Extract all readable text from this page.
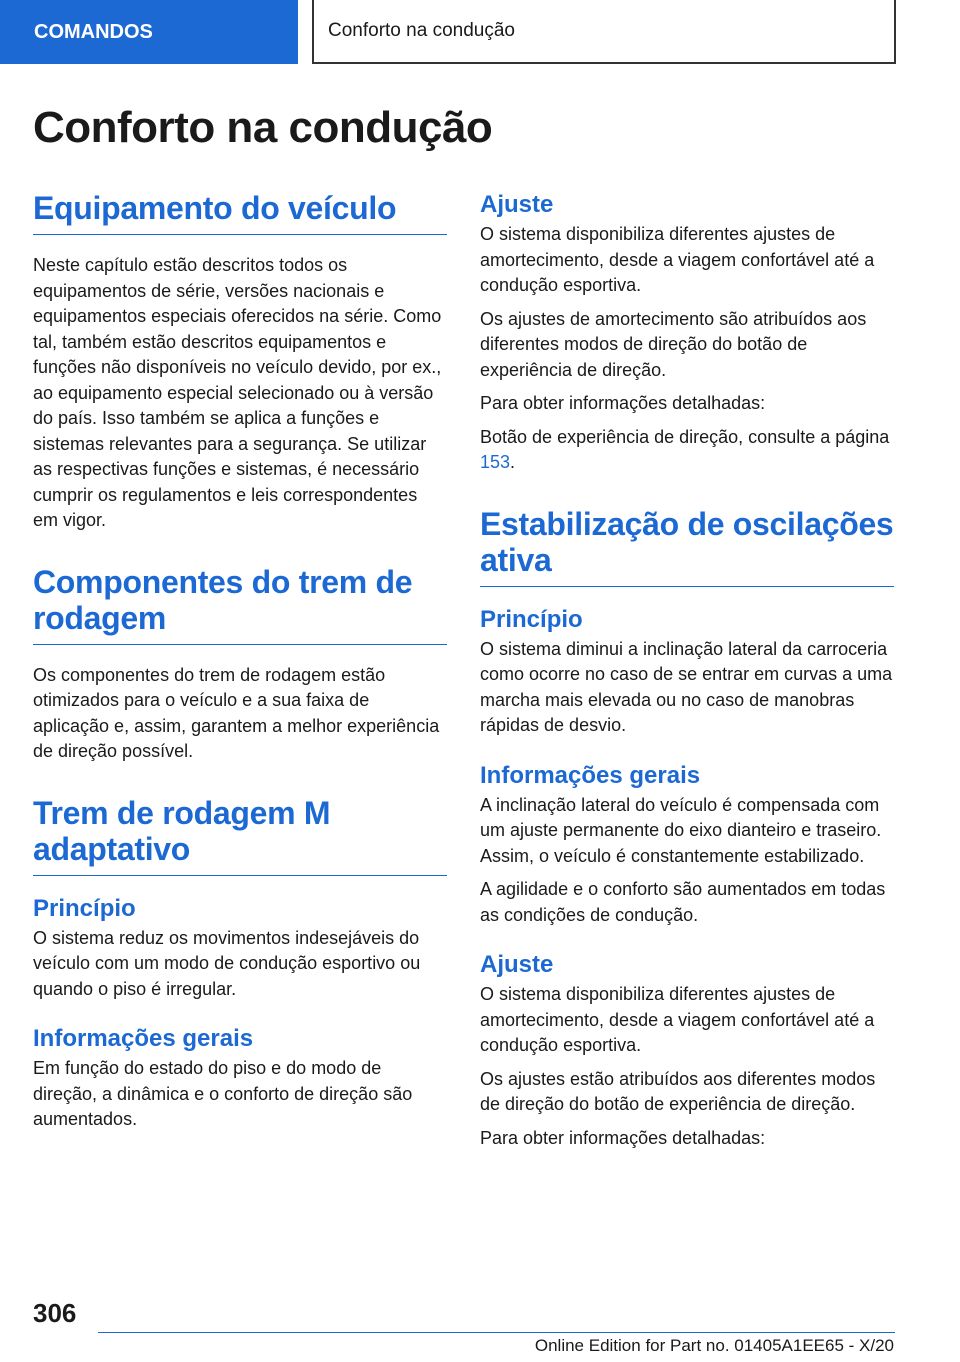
COMANDOS	Conforto na condução
Conforto na condução
Equipamento do veículo

Neste capítulo estão descritos todos os equipamentos de série, versões nacionais e equipamentos especiais oferecidos na série. Como tal, também estão descritos equipamentos e funções não disponíveis no veículo devido, por ex., ao equipamento especial selecionado ou à versão do país. Isso também se aplica a funções e sistemas relevantes para a segurança. Se utilizar as respectivas funções e sistemas, é necessário cumprir os regulamentos e leis correspondentes em vigor.

Componentes do trem de rodagem

Os componentes do trem de rodagem estão otimizados para o veículo e a sua faixa de aplicação e, assim, garantem a melhor experiência de direção possível.

Trem de rodagem M adaptativo
Princípio

O sistema reduz os movimentos indesejáveis do veículo com um modo de condução esportivo ou quando o piso é irregular.

Informações gerais

Em função do estado do piso e do modo de direção, a dinâmica e o conforto de direção são aumentados.

Ajuste

O sistema disponibiliza diferentes ajustes de amortecimento, desde a viagem confortável até a condução esportiva.

Os ajustes de amortecimento são atribuídos aos diferentes modos de direção do botão de experiência de direção.

Para obter informações detalhadas:

Botão de experiência de direção, consulte a página 153.

Estabilização de oscilações ativa
Princípio

O sistema diminui a inclinação lateral da carroceria como ocorre no caso de se entrar em curvas a uma marcha mais elevada ou no caso de manobras rápidas de desvio.

Informações gerais

A inclinação lateral do veículo é compensada com um ajuste permanente do eixo dianteiro e traseiro. Assim, o veículo é constantemente estabilizado.

A agilidade e o conforto são aumentados em todas as condições de condução.

Ajuste

O sistema disponibiliza diferentes ajustes de amortecimento, desde a viagem confortável até a condução esportiva.

Os ajustes estão atribuídos aos diferentes modos de direção do botão de experiência de direção.

Para obter informações detalhadas:

306
Online Edition for Part no. 01405A1EE65 - X/20
